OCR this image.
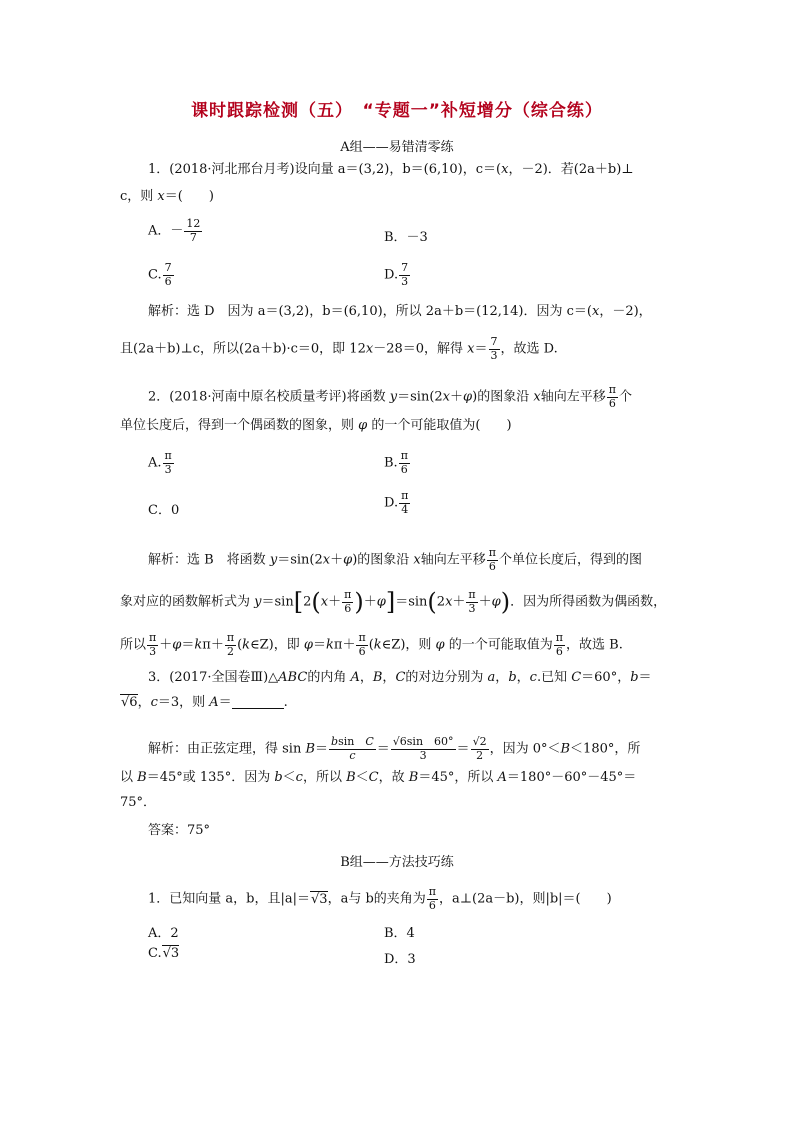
课时跟踪检测（五）　“专题一”补短增分（综合练）
A组——易错清零练
1．(2018·河北邢台月考)设向量 a＝(3,2)，b＝(6,10)，c＝(x，－2)．若(2a＋b)⊥
c，则 x＝(　　)
A．－ $\frac{12}{7}$	B．－3
C. $\frac{7}{6}$	D. $\frac{7}{3}$
解析：选 D　因为 a＝(3,2)，b＝(6,10)，所以 2a＋b＝(12,14)．因为 c＝(x，－2)，
且(2a＋b)⊥c，所以(2a＋b)·c＝0，即 12x－28＝0，解得 $x= \frac{7}{3}$ ，故选 D.
2．(2018·河南中原名校质量考评)将函数 y＝sin(2x＋φ)的图象沿 x轴向左平移 $\frac{\pi}{6}$ 个
单位长度后，得到一个偶函数的图象，则 φ 的一个可能取值为(　　)
A. $\frac{\pi}{3}$	B. $\frac{\pi}{6}$
C．0	D. $\frac{\pi}{4}$
解析：选 B　将函数 y＝sin(2x＋φ)的图象沿 x轴向左平移 $\frac{\pi}{6}$ 个单位长度后，得到的图
象对应的函数解析式为 $y=\sin[2(x+ \frac{\pi}{6} )+\varphi]=\sin(2x+ \frac{\pi}{3} +\varphi)$．因为所得函数为偶函数，
所以 $\frac{\pi}{3} +\varphi=k\pi+ \frac{\pi}{2}$ (k∈Z)，即 $\varphi=k\pi+ \frac{\pi}{6}$ (k∈Z)，则 φ 的一个可能取值为 $\frac{\pi}{6}$ ，故选 B.
3．(2017·全国卷Ⅲ)△ABC的内角 A，B，C的对边分别为 a，b，c.已知 C＝60°，b＝
√6，c＝3，则 A＝	.
解析：由正弦定理，得 $\sin B= \frac{\text{bsin　C}}{c} = \frac{√6\sin 60^\circ}{3} = \frac{√2}{2}$ ，因为 0°＜B＜180°，所
以 B＝45°或 135°．因为 b＜c，所以 B＜C，故 B＝45°，所以 A＝180°－60°－45°＝
75°．
答案：75°
B组——方法技巧练
1．已知向量 a，b，且|a|＝√3，a与 b的夹角为 $\frac{\pi}{6}$ ，a⊥(2a－b)，则|b|＝(　　)
A．2	B．4
C.√3	D．3
